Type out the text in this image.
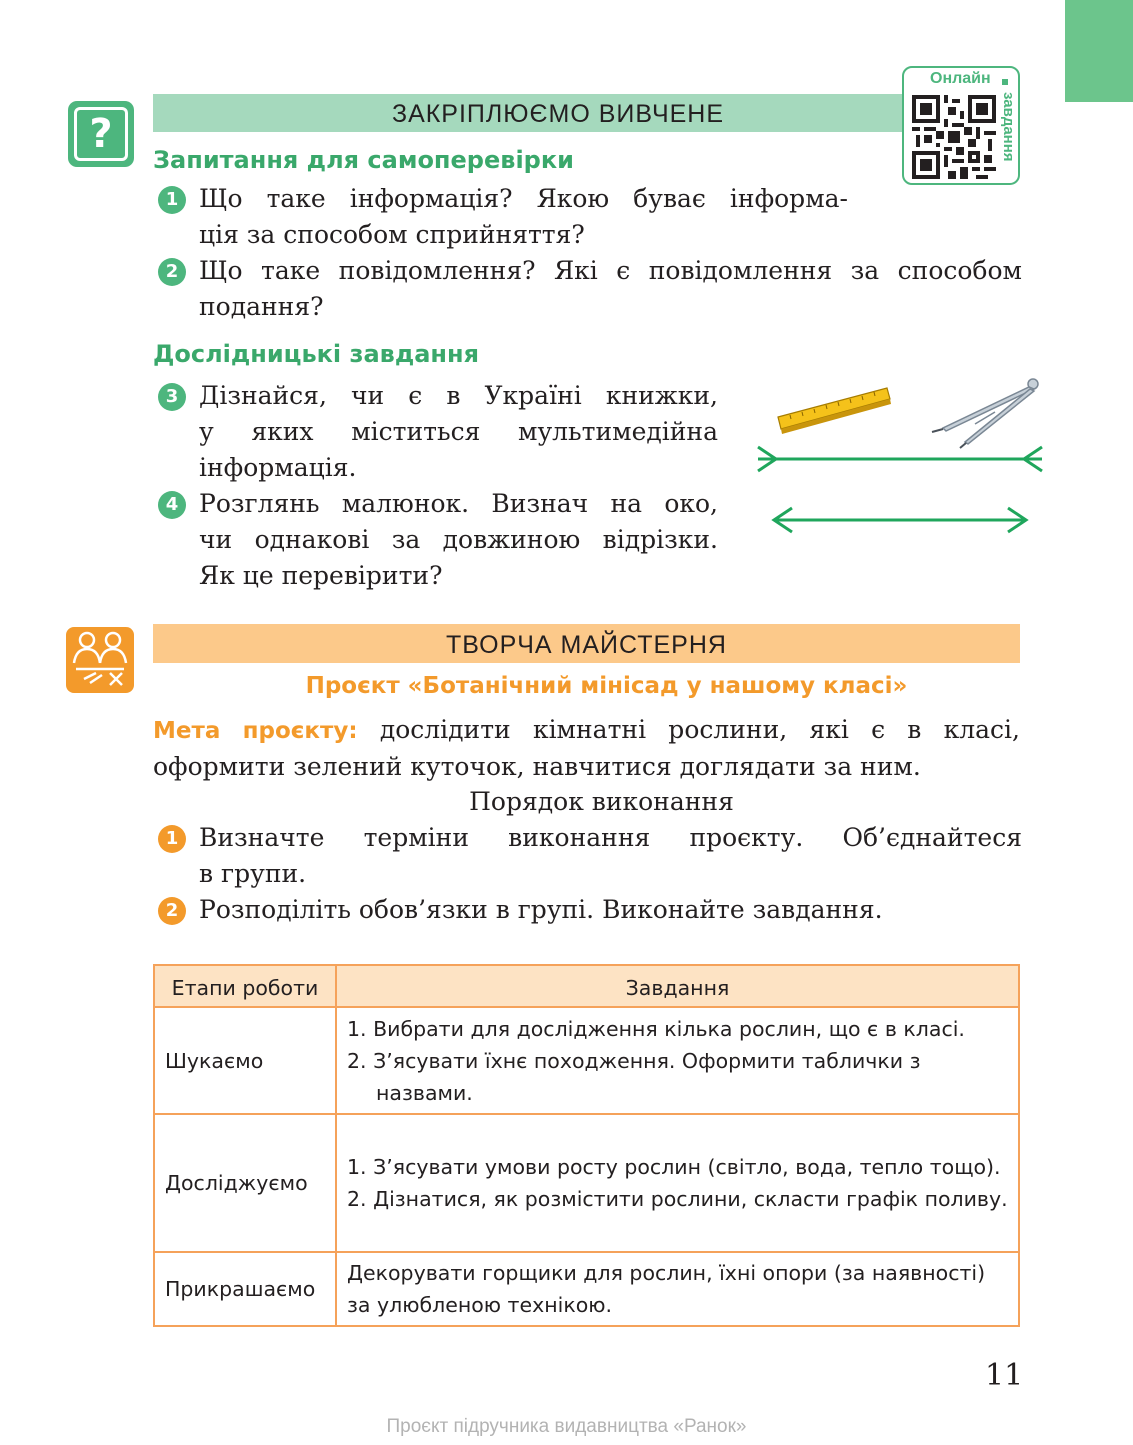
?	ЗАКРІПЛЮЄМО ВИВЧЕНЕ
Онлайн
завдання
Запитання для самоперевірки
1 Що таке інформація? Якою буває інформа-
ція за способом сприйняття?
2 Що таке повідомлення? Які є повідомлення за способом
подання?
Дослідницькі завдання
3 Дізнайся, чи є в Україні книжки,
у яких міститься мультимедійна
інформація.
4 Розглянь малюнок. Визнач на око,
чи однакові за довжиною відрізки.
Як це перевірити?
ТВОРЧА МАЙСТЕРНЯ
Проєкт «Ботанічний мінісад у нашому класі»
Мета проєкту: дослідити кімнатні рослини, які є в класі,
оформити зелений куточок, навчитися доглядати за ним.
Порядок виконання
1 Визначте терміни виконання проєкту. Об’єднайтеся
в групи.
2 Розподіліть обов’язки в групі. Виконайте завдання.
Етапи роботи	Завдання
Шукаємо	1. Вибрати для дослідження кілька рослин, що є в класі.
2. З’ясувати їхнє походження. Оформити таблички з назвами.

Досліджуємо	1. З’ясувати умови росту рослин (світло, вода, тепло тощо).
2. Дізнатися, як розмістити рослини, скласти графік поливу.

Прикрашаємо	Декорувати горщики для рослин, їхні опори (за наявності) за улюбленою технікою.
11
Проєкт підручника видавництва «Ранок»
